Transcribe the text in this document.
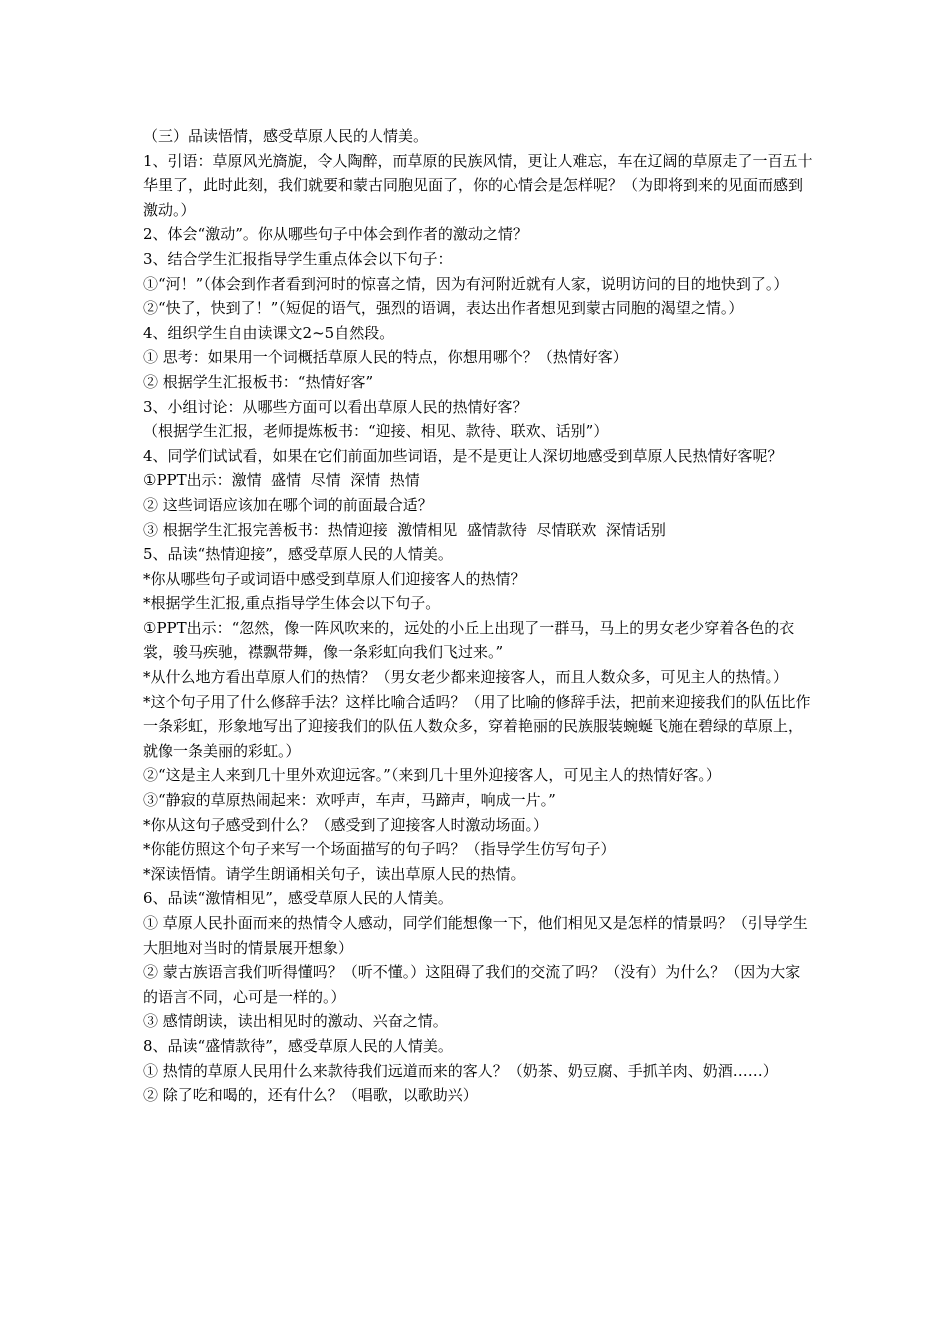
（三）品读悟情，感受草原人民的人情美。

1、引语：草原风光旖旎，令人陶醉，而草原的民族风情，更让人难忘，车在辽阔的草原走了一百五十华里了，此时此刻，我们就要和蒙古同胞见面了，你的心情会是怎样呢？（为即将到来的见面而感到激动。）

2、体会“激动”。你从哪些句子中体会到作者的激动之情？

3、结合学生汇报指导学生重点体会以下句子：

①“河！”（体会到作者看到河时的惊喜之情，因为有河附近就有人家，说明访问的目的地快到了。）

②“快了，快到了！”（短促的语气，强烈的语调，表达出作者想见到蒙古同胞的渴望之情。）

4、组织学生自由读课文2~5自然段。

① 思考：如果用一个词概括草原人民的特点，你想用哪个？（热情好客）

② 根据学生汇报板书：“热情好客”

3、小组讨论：从哪些方面可以看出草原人民的热情好客？

（根据学生汇报，老师提炼板书：“迎接、相见、款待、联欢、话别”）

4、同学们试试看，如果在它们前面加些词语，是不是更让人深切地感受到草原人民热情好客呢？

①PPT出示：激情  盛情  尽情  深情  热情

② 这些词语应该加在哪个词的前面最合适？

③ 根据学生汇报完善板书：热情迎接  激情相见  盛情款待  尽情联欢  深情话别

5、品读“热情迎接”，感受草原人民的人情美。

*你从哪些句子或词语中感受到草原人们迎接客人的热情？

*根据学生汇报,重点指导学生体会以下句子。

①PPT出示：“忽然，像一阵风吹来的，远处的小丘上出现了一群马，马上的男女老少穿着各色的衣裳，骏马疾驰，襟飘带舞，像一条彩虹向我们飞过来。”

*从什么地方看出草原人们的热情？（男女老少都来迎接客人，而且人数众多，可见主人的热情。）

*这个句子用了什么修辞手法？这样比喻合适吗？（用了比喻的修辞手法，把前来迎接我们的队伍比作一条彩虹，形象地写出了迎接我们的队伍人数众多，穿着艳丽的民族服装蜿蜒飞施在碧绿的草原上，就像一条美丽的彩虹。）

②“这是主人来到几十里外欢迎远客。”（来到几十里外迎接客人，可见主人的热情好客。）

③“静寂的草原热闹起来：欢呼声，车声，马蹄声，响成一片。”

*你从这句子感受到什么？（感受到了迎接客人时激动场面。）

*你能仿照这个句子来写一个场面描写的句子吗？（指导学生仿写句子）

*深读悟情。请学生朗诵相关句子，读出草原人民的热情。

6、品读“激情相见”，感受草原人民的人情美。

① 草原人民扑面而来的热情令人感动，同学们能想像一下，他们相见又是怎样的情景吗？（引导学生大胆地对当时的情景展开想象）

② 蒙古族语言我们听得懂吗？（听不懂。）这阻碍了我们的交流了吗？（没有）为什么？（因为大家的语言不同，心可是一样的。）

③ 感情朗读，读出相见时的激动、兴奋之情。

8、品读“盛情款待”，感受草原人民的人情美。

① 热情的草原人民用什么来款待我们远道而来的客人？（奶茶、奶豆腐、手抓羊肉、奶酒……）

② 除了吃和喝的，还有什么？（唱歌，以歌助兴）
